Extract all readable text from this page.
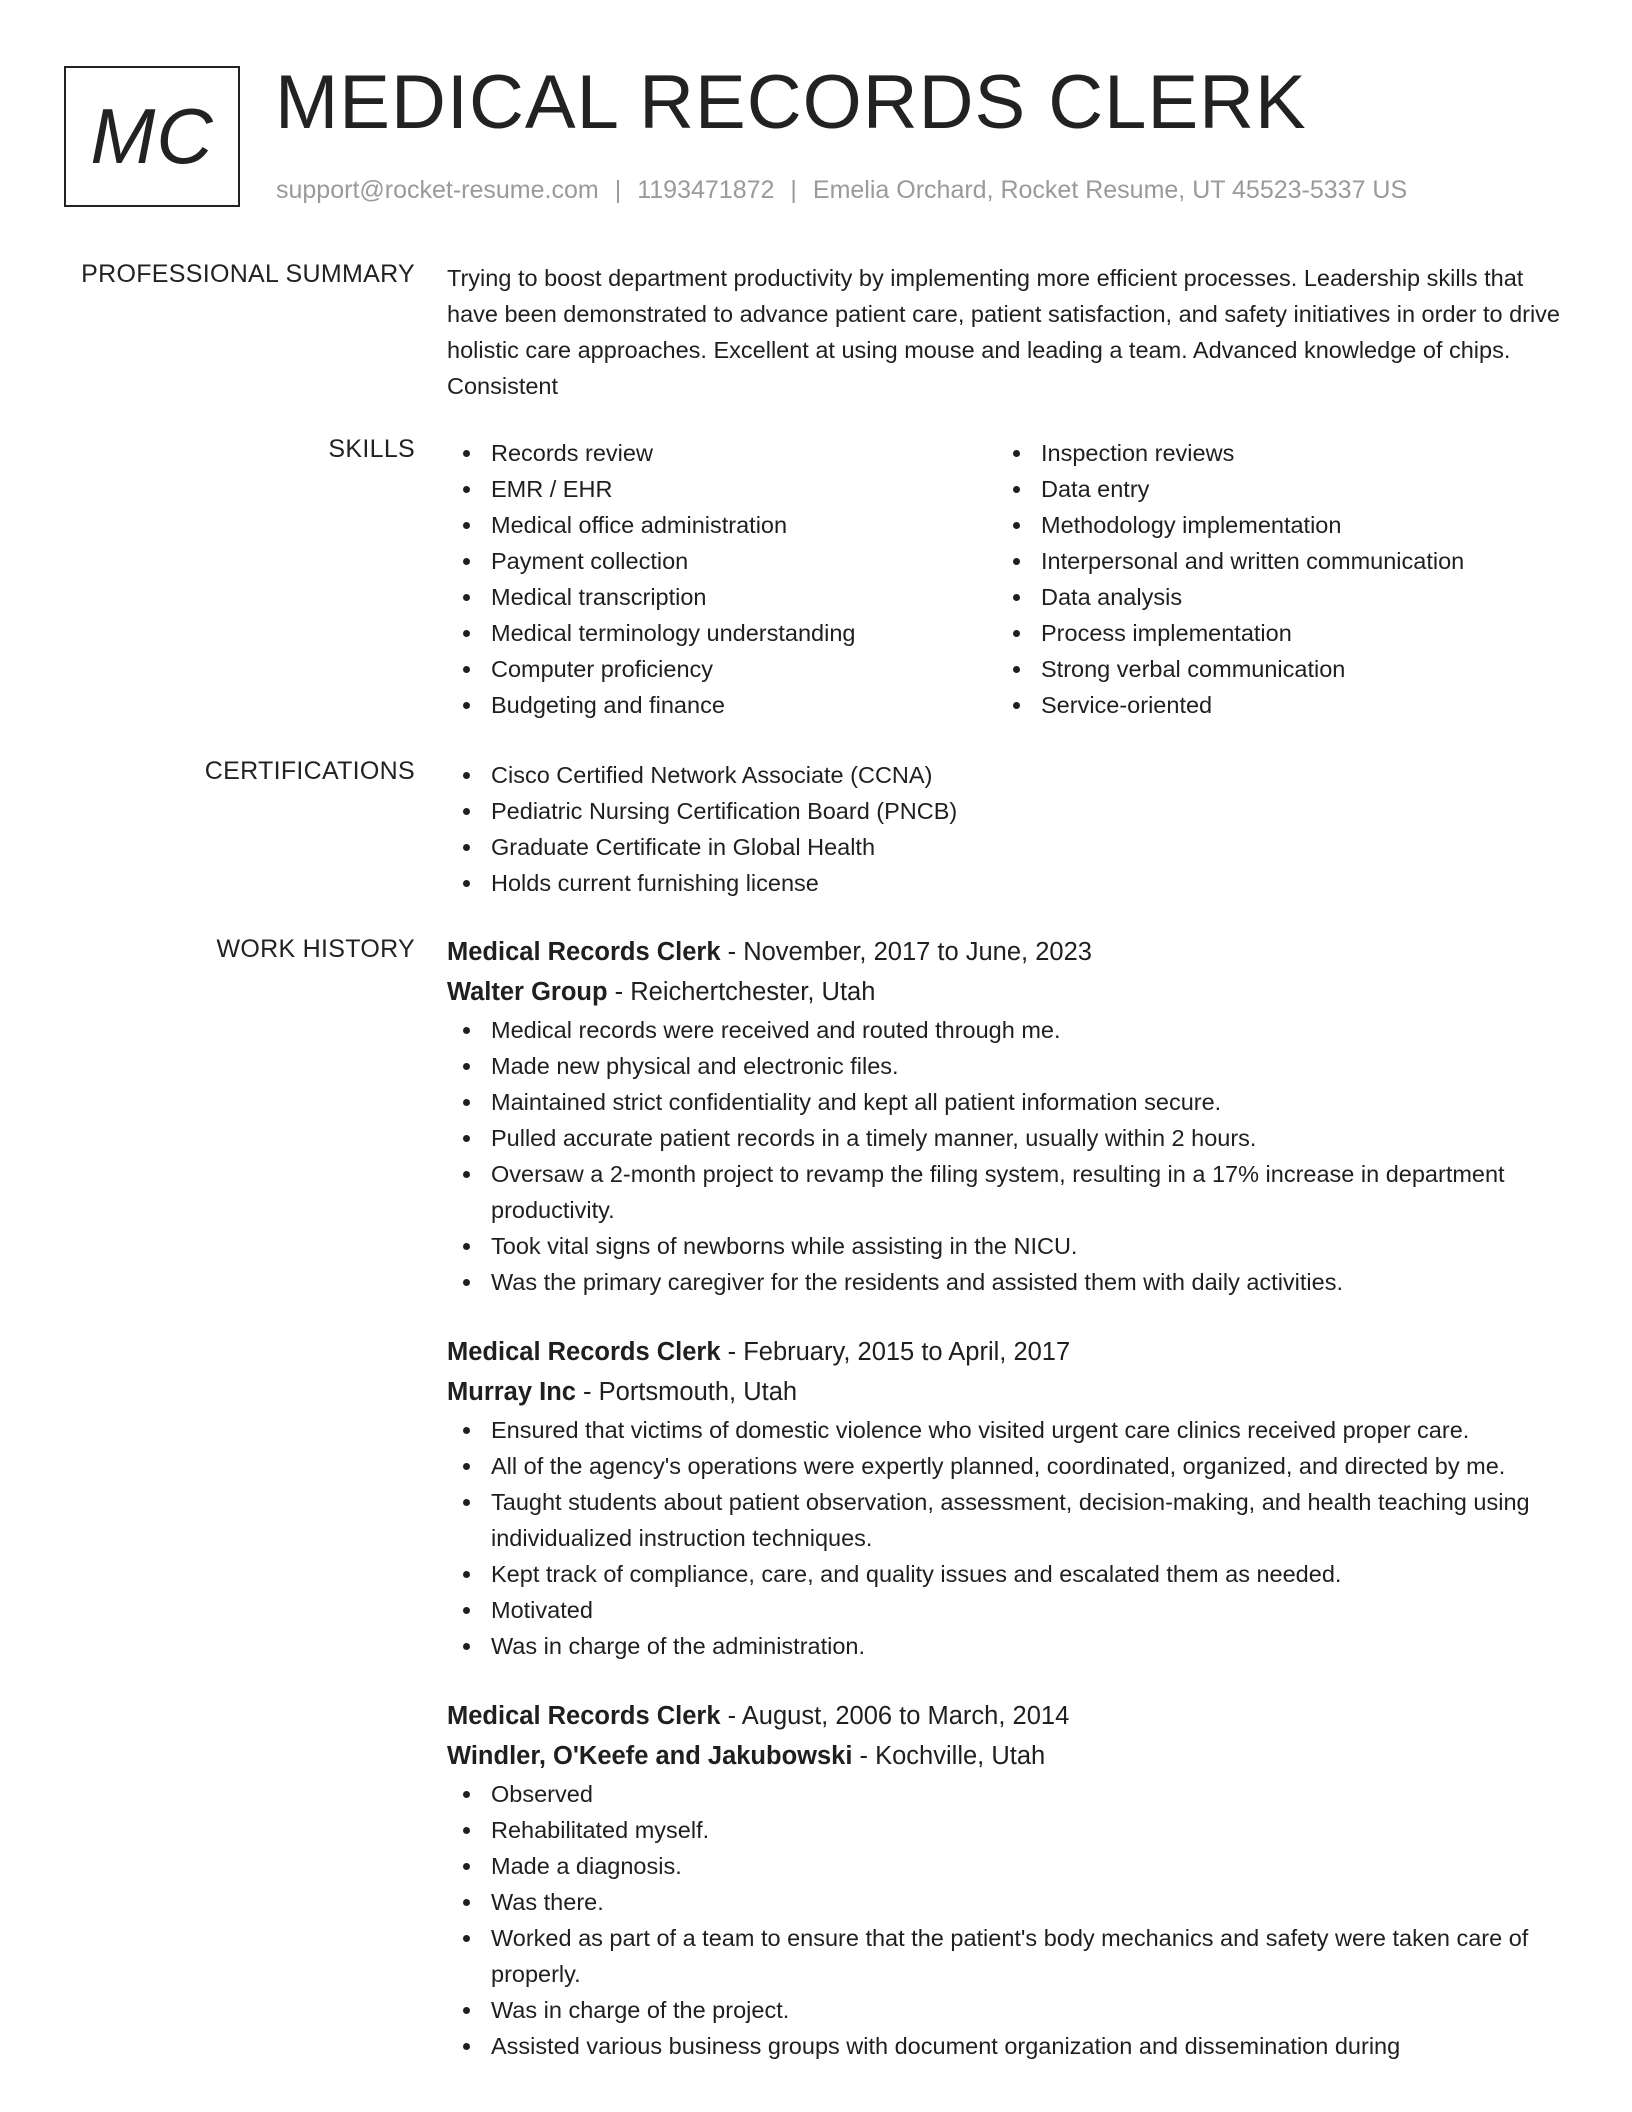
MC MEDICAL RECORDS CLERK
support@rocket-resume.com | 1193471872 | Emelia Orchard, Rocket Resume, UT 45523-5337 US
PROFESSIONAL SUMMARY Trying to boost department productivity by implementing more efficient processes. Leadership skills that have been demonstrated to advance patient care, patient satisfaction, and safety initiatives in order to drive holistic care approaches. Excellent at using mouse and leading a team. Advanced knowledge of chips. Consistent

SKILLS	Records review
EMR / EHR
Medical office administration
Payment collection
Medical transcription
Medical terminology understanding
Computer proficiency
Budgeting and finance
Inspection reviews
Data entry
Methodology implementation
Interpersonal and written communication
Data analysis
Process implementation
Strong verbal communication
Service-oriented
CERTIFICATIONS	Cisco Certified Network Associate (CCNA)
Pediatric Nursing Certification Board (PNCB)
Graduate Certificate in Global Health
Holds current furnishing license
WORK HISTORY Medical Records Clerk - November, 2017 to June, 2023
Walter Group - Reichertchester, Utah
Medical records were received and routed through me.
Made new physical and electronic files.
Maintained strict confidentiality and kept all patient information secure.
Pulled accurate patient records in a timely manner, usually within 2 hours.
Oversaw a 2-month project to revamp the filing system, resulting in a 17% increase in department productivity.
Took vital signs of newborns while assisting in the NICU.
Was the primary caregiver for the residents and assisted them with daily activities.
Medical Records Clerk - February, 2015 to April, 2017
Murray Inc - Portsmouth, Utah
Ensured that victims of domestic violence who visited urgent care clinics received proper care.
All of the agency's operations were expertly planned, coordinated, organized, and directed by me.
Taught students about patient observation, assessment, decision-making, and health teaching using individualized instruction techniques.
Kept track of compliance, care, and quality issues and escalated them as needed.
Motivated
Was in charge of the administration.
Medical Records Clerk - August, 2006 to March, 2014
Windler, O'Keefe and Jakubowski - Kochville, Utah
Observed
Rehabilitated myself.
Made a diagnosis.
Was there.
Worked as part of a team to ensure that the patient's body mechanics and safety were taken care of properly.
Was in charge of the project.
Assisted various business groups with document organization and dissemination during
